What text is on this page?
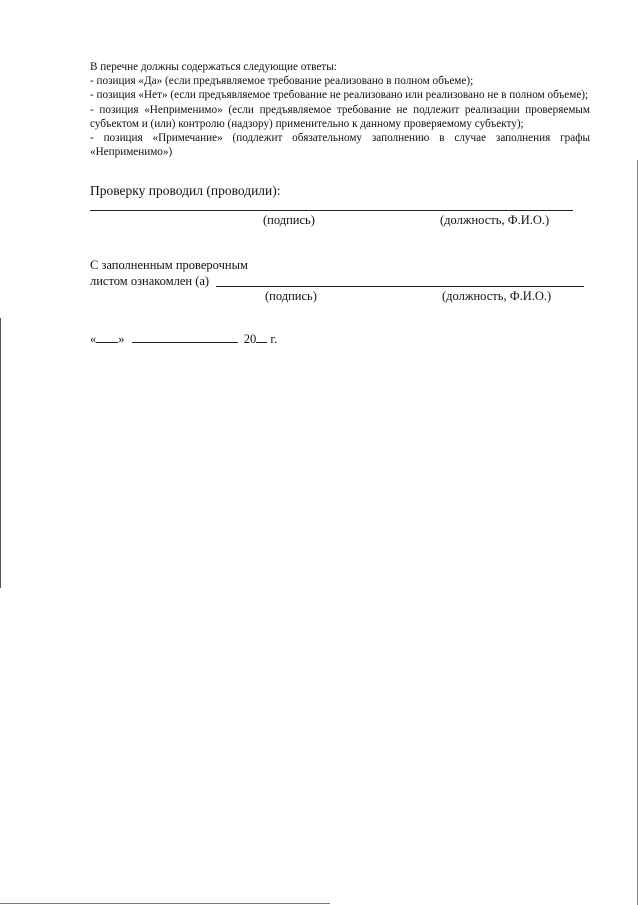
В перечне должны содержаться следующие ответы:

- позиция «Да» (если предъявляемое требование реализовано в полном объеме);

- позиция «Нет» (если предъявляемое требование не реализовано или реализовано не в полном объеме);

- позиция «Неприменимо» (если предъявляемое требование не подлежит реализации проверяемым субъектом и (или) контролю (надзору) применительно к данному проверяемому субъекту);

- позиция «Примечание» (подлежит обязательному заполнению в случае заполнения графы «Неприменимо»)

Проверку проводил (проводили):
(подпись)	(должность, Ф.И.О.)
С заполненным проверочным
листом ознакомлен (а)
(подпись)	(должность, Ф.И.О.)
« »	20 г.
